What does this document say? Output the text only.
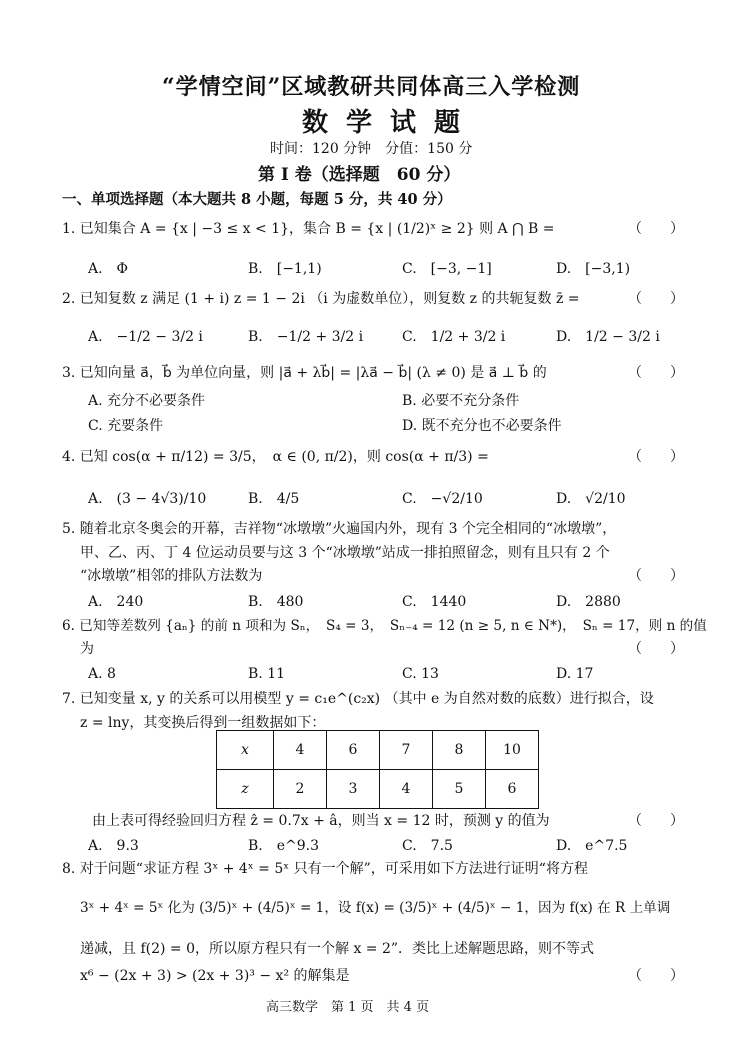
“学情空间”区域教研共同体高三入学检测
数学试题
时间：120 分钟　分值：150 分
第 I 卷（选择题　60 分）
一、单项选择题（本大题共 8 小题，每题 5 分，共 40 分）
1. 已知集合 A = {x | −3 ≤ x < 1}，集合 B = {x | (1/2)ˣ ≥ 2} 则 A ⋂ B =	（　　）
A.　Φ	B.　[−1,1)	C.　[−3, −1]	D.　[−3,1)
2. 已知复数 z 满足 (1 + i) z = 1 − 2i （i 为虚数单位），则复数 z 的共轭复数 z̄ =	（　　）
A.　−1/2 − 3/2 i	B.　−1/2 + 3/2 i	C.　1/2 + 3/2 i	D.　1/2 − 3/2 i
3. 已知向量 a⃗，b⃗ 为单位向量，则 |a⃗ + λb⃗| = |λa⃗ − b⃗| (λ ≠ 0) 是 a⃗ ⊥ b⃗ 的	（　　）
A. 充分不必要条件	B. 必要不充分条件
C. 充要条件	D. 既不充分也不必要条件
4. 已知 cos(α + π/12) = 3/5，　α ∈ (0, π/2)，则 cos(α + π/3) =	（　　）
A.　(3 − 4√3)/10	B.　4/5	C.　−√2/10	D.　√2/10
5. 随着北京冬奥会的开幕，吉祥物“冰墩墩”火遍国内外，现有 3 个完全相同的“冰墩墩”，
甲、乙、丙、丁 4 位运动员要与这 3 个“冰墩墩”站成一排拍照留念，则有且只有 2 个
“冰墩墩”相邻的排队方法数为	（　　）
A.　240	B.　480	C.　1440	D.　2880
6. 已知等差数列 {aₙ} 的前 n 项和为 Sₙ，　S₄ = 3，　Sₙ₋₄ = 12 (n ≥ 5, n ∈ N*)，　Sₙ = 17，则 n 的值
为	（　　）
A. 8	B. 11	C. 13	D. 17
7. 已知变量 x, y 的关系可以用模型 y = c₁e^(c₂x) （其中 e 为自然对数的底数）进行拟合，设
z = lny，其变换后得到一组数据如下：
x	4	6	7	8	10
z	2	3	4	5	6
由上表可得经验回归方程 ẑ = 0.7x + â，则当 x = 12 时，预测 y 的值为	（　　）
A.　9.3	B.　e^9.3	C.　7.5	D.　e^7.5
8. 对于问题“求证方程 3ˣ + 4ˣ = 5ˣ 只有一个解”，可采用如下方法进行证明“将方程
3ˣ + 4ˣ = 5ˣ 化为 (3/5)ˣ + (4/5)ˣ = 1，设 f(x) = (3/5)ˣ + (4/5)ˣ − 1，因为 f(x) 在 R 上单调
递减，且 f(2) = 0，所以原方程只有一个解 x = 2”．类比上述解题思路，则不等式
x⁶ − (2x + 3) > (2x + 3)³ − x² 的解集是	（　　）
高三数学　第 1 页　共 4 页
